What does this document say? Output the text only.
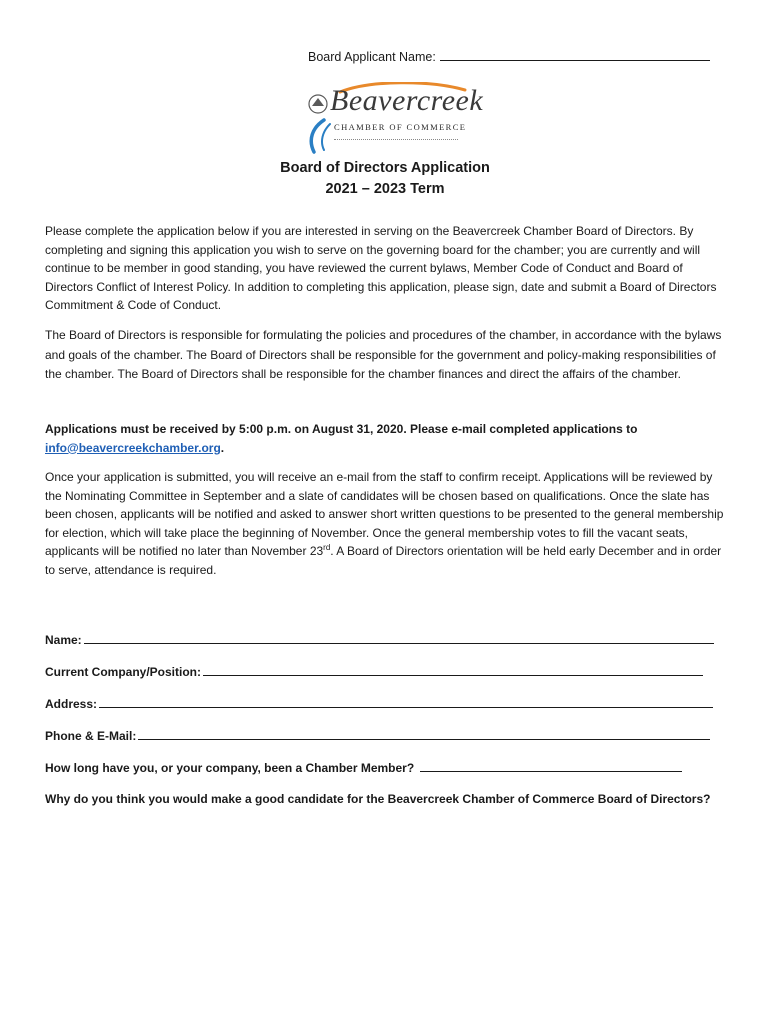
Board Applicant Name:
Beavercreek
CHAMBER OF COMMERCE
Board of Directors Application
2021 – 2023 Term

Please complete the application below if you are interested in serving on the Beavercreek Chamber Board of Directors. By completing and signing this application you wish to serve on the governing board for the chamber; you are currently and will continue to be member in good standing, you have reviewed the current bylaws, Member Code of Conduct and Board of Directors Conflict of Interest Policy. In addition to completing this application, please sign, date and submit a Board of Directors Commitment & Code of Conduct.

The Board of Directors is responsible for formulating the policies and procedures of the chamber, in accordance with the bylaws and goals of the chamber. The Board of Directors shall be responsible for the government and policy-making responsibilities of the chamber. The Board of Directors shall be responsible for the chamber finances and direct the affairs of the chamber.

Applications must be received by 5:00 p.m. on August 31, 2020. Please e-mail completed applications to info@beavercreekchamber.org.

Once your application is submitted, you will receive an e-mail from the staff to confirm receipt. Applications will be reviewed by the Nominating Committee in September and a slate of candidates will be chosen based on qualifications. Once the slate has been chosen, applicants will be notified and asked to answer short written questions to be presented to the general membership for election, which will take place the beginning of November. Once the general membership votes to fill the vacant seats, applicants will be notified no later than November 23rd. A Board of Directors orientation will be held early December and in order to serve, attendance is required.

Name:
Current Company/Position:
Address:
Phone & E-Mail:
How long have you, or your company, been a Chamber Member?

Why do you think you would make a good candidate for the Beavercreek Chamber of Commerce Board of Directors?
